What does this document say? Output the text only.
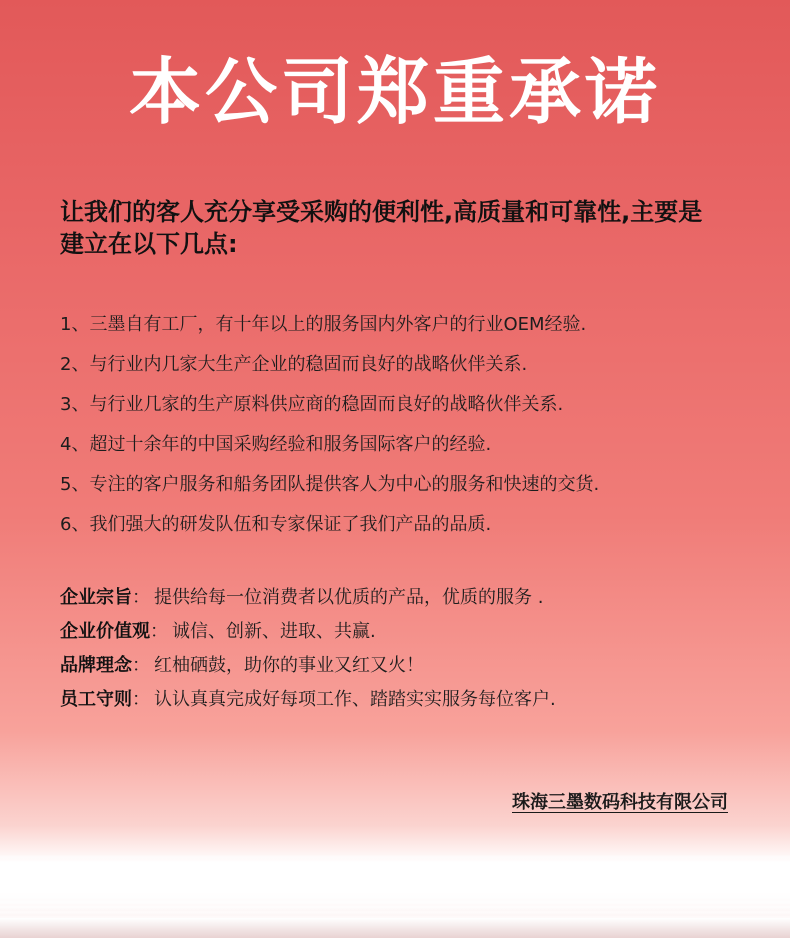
本公司郑重承诺
让我们的客人充分享受采购的便利性,高质量和可靠性,主要是建立在以下几点:
1、三墨自有工厂，有十年以上的服务国内外客户的行业OEM经验.
2、与行业内几家大生产企业的稳固而良好的战略伙伴关系.
3、与行业几家的生产原料供应商的稳固而良好的战略伙伴关系.
4、超过十余年的中国采购经验和服务国际客户的经验.
5、专注的客户服务和船务团队提供客人为中心的服务和快速的交货.
6、我们强大的研发队伍和专家保证了我们产品的品质.
企业宗旨： 提供给每一位消费者以优质的产品，优质的服务 .
企业价值观： 诚信、创新、进取、共赢.
品牌理念： 红柚硒鼓，助你的事业又红又火！
员工守则： 认认真真完成好每项工作、踏踏实实服务每位客户.
珠海三墨数码科技有限公司
